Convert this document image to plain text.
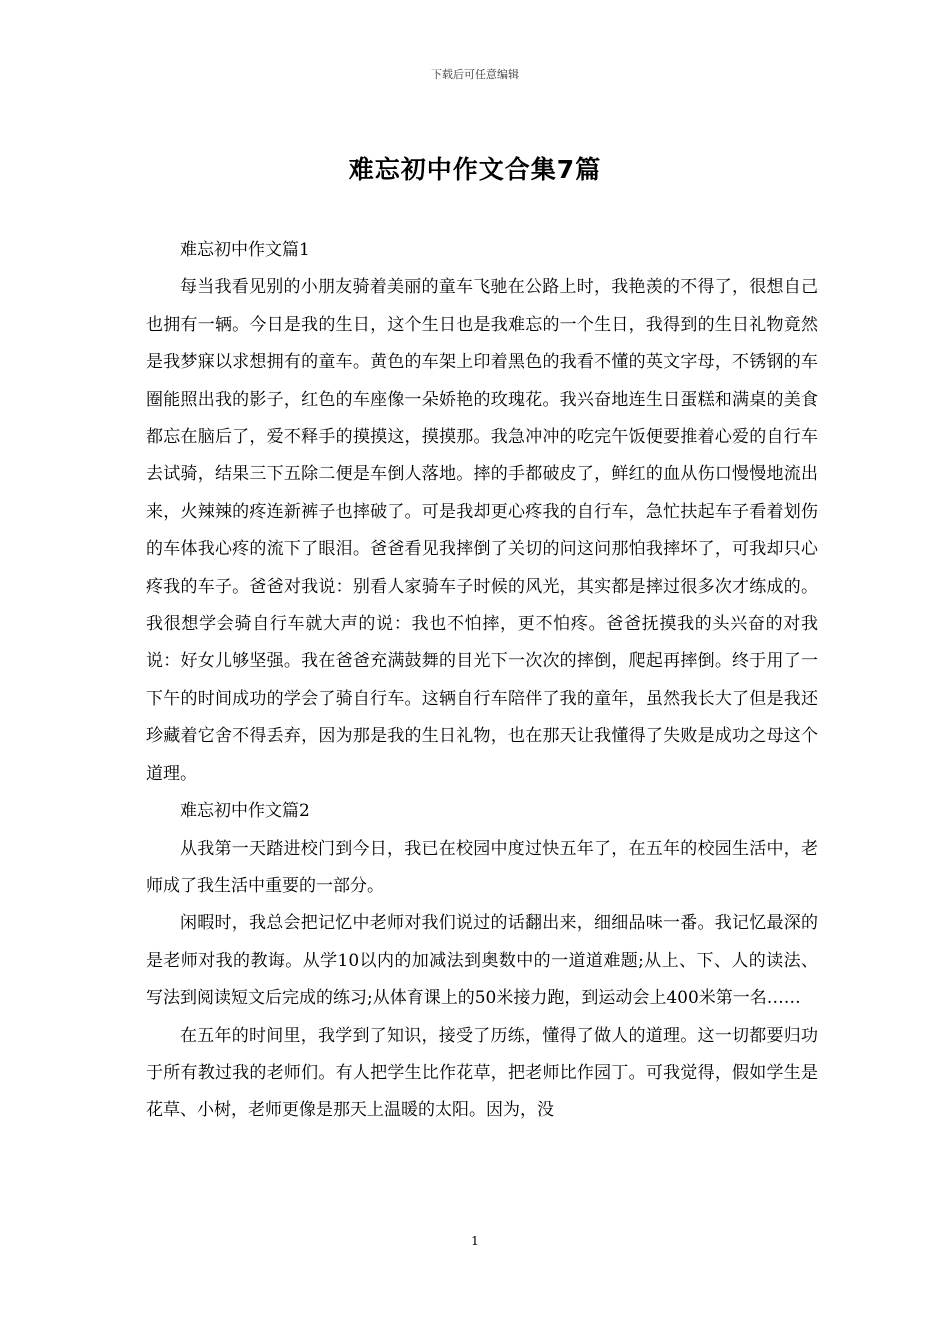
下载后可任意编辑
难忘初中作文合集7篇

难忘初中作文篇1

每当我看见别的小朋友骑着美丽的童车飞驰在公路上时，我艳羡的不得了，很想自己也拥有一辆。今日是我的生日，这个生日也是我难忘的一个生日，我得到的生日礼物竟然是我梦寐以求想拥有的童车。黄色的车架上印着黑色的我看不懂的英文字母，不锈钢的车圈能照出我的影子，红色的车座像一朵娇艳的玫瑰花。我兴奋地连生日蛋糕和满桌的美食都忘在脑后了，爱不释手的摸摸这，摸摸那。我急冲冲的吃完午饭便要推着心爱的自行车去试骑，结果三下五除二便是车倒人落地。摔的手都破皮了，鲜红的血从伤口慢慢地流出来，火辣辣的疼连新裤子也摔破了。可是我却更心疼我的自行车，急忙扶起车子看着划伤的车体我心疼的流下了眼泪。爸爸看见我摔倒了关切的问这问那怕我摔坏了，可我却只心疼我的车子。爸爸对我说：别看人家骑车子时候的风光，其实都是摔过很多次才练成的。我很想学会骑自行车就大声的说：我也不怕摔，更不怕疼。爸爸抚摸我的头兴奋的对我说：好女儿够坚强。我在爸爸充满鼓舞的目光下一次次的摔倒，爬起再摔倒。终于用了一下午的时间成功的学会了骑自行车。这辆自行车陪伴了我的童年，虽然我长大了但是我还珍藏着它舍不得丢弃，因为那是我的生日礼物，也在那天让我懂得了失败是成功之母这个道理。

难忘初中作文篇2

从我第一天踏进校门到今日，我已在校园中度过快五年了，在五年的校园生活中，老师成了我生活中重要的一部分。

闲暇时，我总会把记忆中老师对我们说过的话翻出来，细细品味一番。我记忆最深的是老师对我的教诲。从学10以内的加减法到奥数中的一道道难题;从上、下、人的读法、写法到阅读短文后完成的练习;从体育课上的50米接力跑，到运动会上400米第一名……

在五年的时间里，我学到了知识，接受了历练，懂得了做人的道理。这一切都要归功于所有教过我的老师们。有人把学生比作花草，把老师比作园丁。可我觉得，假如学生是花草、小树，老师更像是那天上温暖的太阳。因为，没

1
